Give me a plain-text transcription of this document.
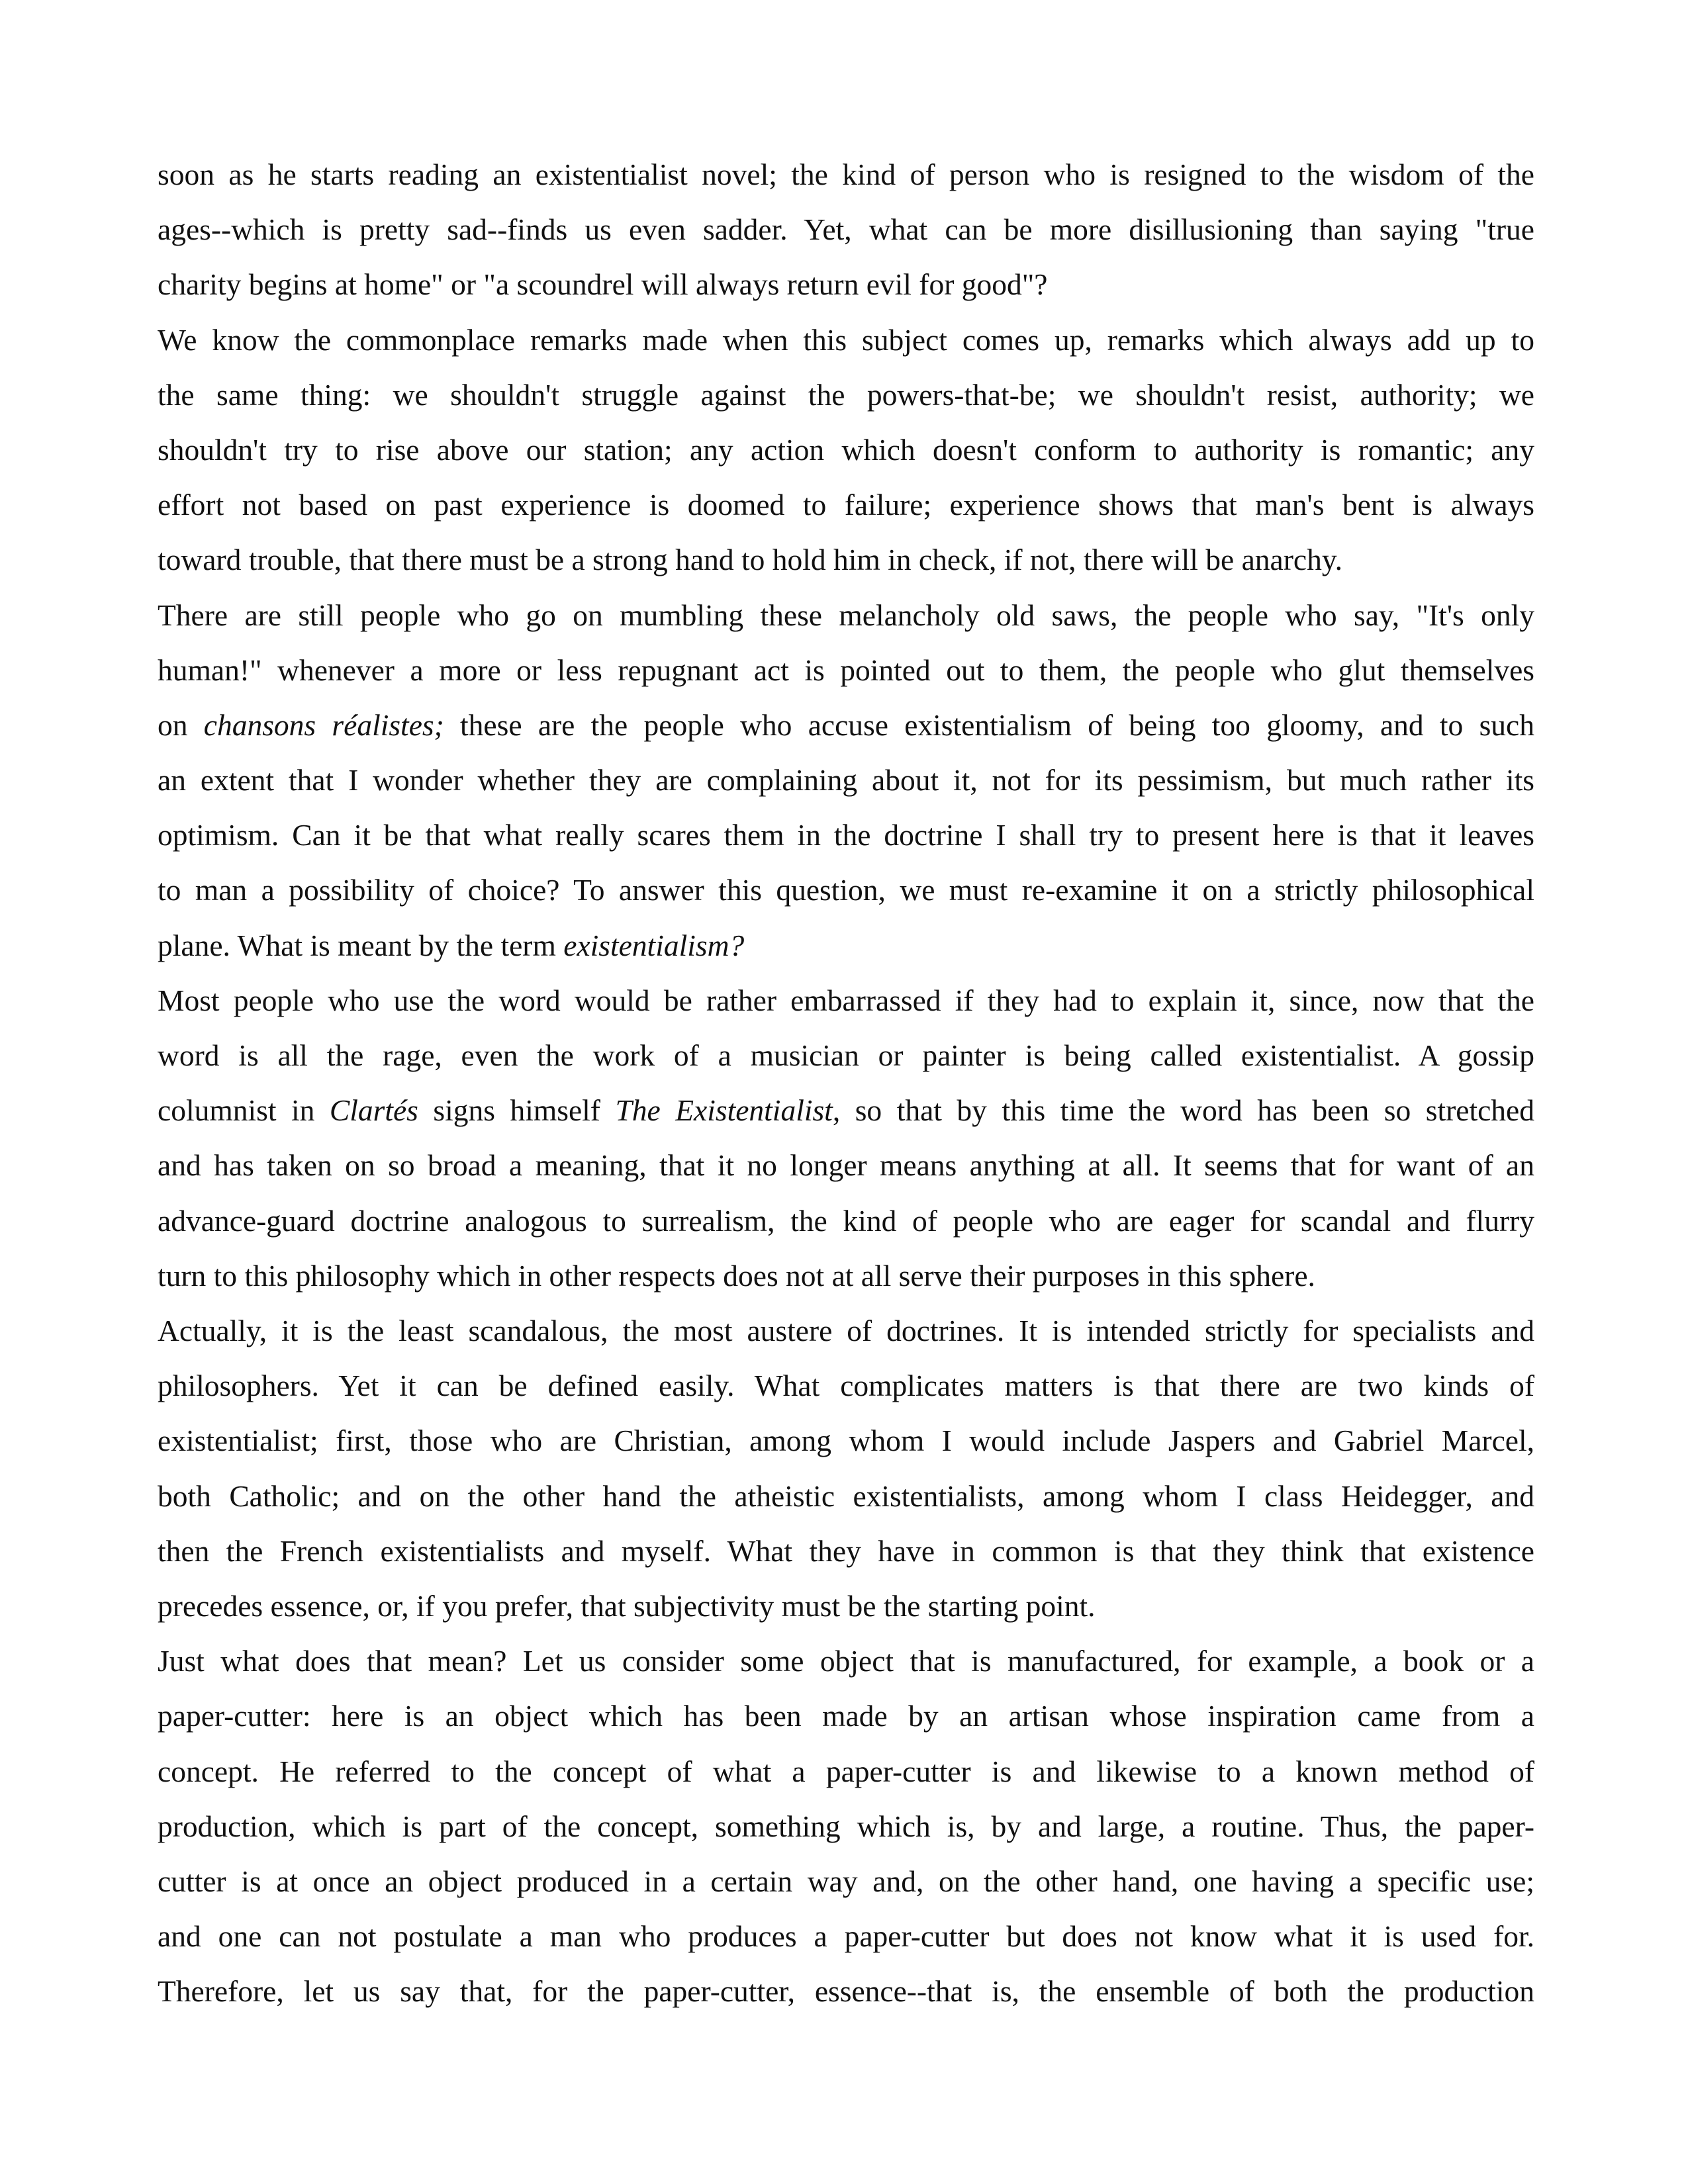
soon as he starts reading an existentialist novel; the kind of person who is resigned to the wisdom of the
ages--which is pretty sad--finds us even sadder. Yet, what can be more disillusioning than saying "true
charity begins at home" or "a scoundrel will always return evil for good"?
We know the commonplace remarks made when this subject comes up, remarks which always add up to
the same thing: we shouldn't struggle against the powers-that-be; we shouldn't resist, authority; we
shouldn't try to rise above our station; any action which doesn't conform to authority is romantic; any
effort not based on past experience is doomed to failure; experience shows that man's bent is always
toward trouble, that there must be a strong hand to hold him in check, if not, there will be anarchy.
There are still people who go on mumbling these melancholy old saws, the people who say, "It's only
human!" whenever a more or less repugnant act is pointed out to them, the people who glut themselves
on chansons réalistes; these are the people who accuse existentialism of being too gloomy, and to such
an extent that I wonder whether they are complaining about it, not for its pessimism, but much rather its
optimism. Can it be that what really scares them in the doctrine I shall try to present here is that it leaves
to man a possibility of choice? To answer this question, we must re-examine it on a strictly philosophical
plane. What is meant by the term existentialism?
Most people who use the word would be rather embarrassed if they had to explain it, since, now that the
word is all the rage, even the work of a musician or painter is being called existentialist. A gossip
columnist in Clartés signs himself The Existentialist, so that by this time the word has been so stretched
and has taken on so broad a meaning, that it no longer means anything at all. It seems that for want of an
advance-guard doctrine analogous to surrealism, the kind of people who are eager for scandal and flurry
turn to this philosophy which in other respects does not at all serve their purposes in this sphere.
Actually, it is the least scandalous, the most austere of doctrines. It is intended strictly for specialists and
philosophers. Yet it can be defined easily. What complicates matters is that there are two kinds of
existentialist; first, those who are Christian, among whom I would include Jaspers and Gabriel Marcel,
both Catholic; and on the other hand the atheistic existentialists, among whom I class Heidegger, and
then the French existentialists and myself. What they have in common is that they think that existence
precedes essence, or, if you prefer, that subjectivity must be the starting point.
Just what does that mean? Let us consider some object that is manufactured, for example, a book or a
paper-cutter: here is an object which has been made by an artisan whose inspiration came from a
concept. He referred to the concept of what a paper-cutter is and likewise to a known method of
production, which is part of the concept, something which is, by and large, a routine. Thus, the paper-
cutter is at once an object produced in a certain way and, on the other hand, one having a specific use;
and one can not postulate a man who produces a paper-cutter but does not know what it is used for.
Therefore, let us say that, for the paper-cutter, essence--that is, the ensemble of both the production
